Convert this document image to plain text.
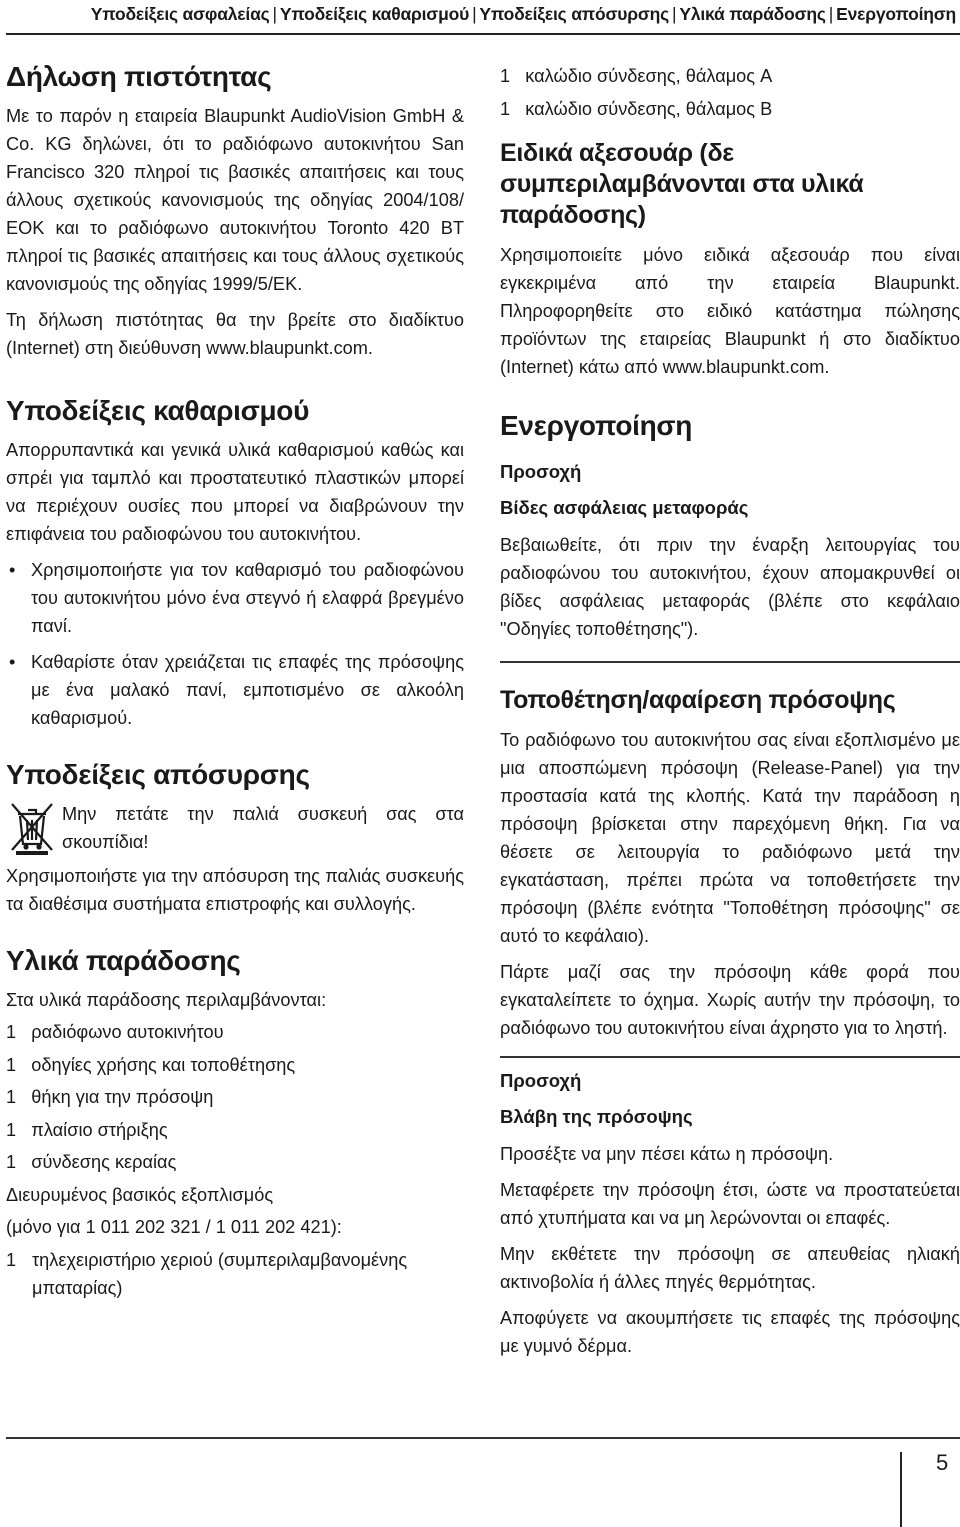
Υποδείξεις ασφαλείας | Υποδείξεις καθαρισμού | Υποδείξεις απόσυρσης | Υλικά παράδοσης | Ενεργοποίηση
Δήλωση πιστότητας

Με το παρόν η εταιρεία Blaupunkt AudioVision GmbH & Co. KG δηλώνει, ότι το ραδιόφωνο αυτοκινήτου San Francisco 320 πληροί τις βασικές απαιτήσεις και τους άλλους σχετικούς κανονισμούς της οδηγίας 2004/108/ΕΟΚ και το ραδιόφωνο αυτοκινήτου Toronto 420 BT πληροί τις βασικές απαιτήσεις και τους άλλους σχετικούς κανονισμούς της οδηγίας 1999/5/ΕΚ.

Τη δήλωση πιστότητας θα την βρείτε στο διαδίκτυο (Internet) στη διεύθυνση www.blaupunkt.com.

Υποδείξεις καθαρισμού

Απορρυπαντικά και γενικά υλικά καθαρισμού καθώς και σπρέι για ταμπλό και προστατευτικό πλαστικών μπορεί να περιέχουν ουσίες που μπορεί να διαβρώνουν την επιφάνεια του ραδιοφώνου του αυτοκινήτου.

• Χρησιμοποιήστε για τον καθαρισμό του ραδιοφώνου του αυτοκινήτου μόνο ένα στεγνό ή ελαφρά βρεγμένο πανί.
• Καθαρίστε όταν χρειάζεται τις επαφές της πρόσοψης με ένα μαλακό πανί, εμποτισμένο σε αλκοόλη καθαρισμού.
Υποδείξεις απόσυρσης

Μην πετάτε την παλιά συσκευή σας στα σκουπίδια!

Χρησιμοποιήστε για την απόσυρση της παλιάς συσκευής τα διαθέσιμα συστήματα επιστροφής και συλλογής.

Υλικά παράδοσης

Στα υλικά παράδοσης περιλαμβάνονται:

1 ραδιόφωνο αυτοκινήτου
1 οδηγίες χρήσης και τοποθέτησης
1 θήκη για την πρόσοψη
1 πλαίσιο στήριξης
1 σύνδεσης κεραίας
Διευρυμένος βασικός εξοπλισμός
(μόνο για 1 011 202 321 / 1 011 202 421):
1 τηλεχειριστήριο χεριού (συμπεριλαμβανομένης μπαταρίας)
1 καλώδιο σύνδεσης, θάλαμος A
1 καλώδιο σύνδεσης, θάλαμος B
Ειδικά αξεσουάρ (δε συμπεριλαμβάνονται στα υλικά παράδοσης)

Χρησιμοποιείτε μόνο ειδικά αξεσουάρ που είναι εγκεκριμένα από την εταιρεία Blaupunkt. Πληροφορηθείτε στο ειδικό κατάστημα πώλησης προϊόντων της εταιρείας Blaupunkt ή στο διαδίκτυο (Internet) κάτω από www.blaupunkt.com.

Ενεργοποίηση
Προσοχή
Βίδες ασφάλειας μεταφοράς

Βεβαιωθείτε, ότι πριν την έναρξη λειτουργίας του ραδιοφώνου του αυτοκινήτου, έχουν απομακρυνθεί οι βίδες ασφάλειας μεταφοράς (βλέπε στο κεφάλαιο "Οδηγίες τοποθέτησης").

Τοποθέτηση/αφαίρεση πρόσοψης

Το ραδιόφωνο του αυτοκινήτου σας είναι εξοπλισμένο με μια αποσπώμενη πρόσοψη (Release-Panel) για την προστασία κατά της κλοπής. Κατά την παράδοση η πρόσοψη βρίσκεται στην παρεχόμενη θήκη. Για να θέσετε σε λειτουργία το ραδιόφωνο μετά την εγκατάσταση, πρέπει πρώτα να τοποθετήσετε την πρόσοψη (βλέπε ενότητα "Τοποθέτηση πρόσοψης" σε αυτό το κεφάλαιο).

Πάρτε μαζί σας την πρόσοψη κάθε φορά που εγκαταλείπετε το όχημα. Χωρίς αυτήν την πρόσοψη, το ραδιόφωνο του αυτοκινήτου είναι άχρηστο για το ληστή.

Προσοχή
Βλάβη της πρόσοψης

Προσέξτε να μην πέσει κάτω η πρόσοψη.

Μεταφέρετε την πρόσοψη έτσι, ώστε να προστατεύεται από χτυπήματα και να μη λερώνονται οι επαφές.

Μην εκθέτετε την πρόσοψη σε απευθείας ηλιακή ακτινοβολία ή άλλες πηγές θερμότητας.

Αποφύγετε να ακουμπήσετε τις επαφές της πρόσοψης με γυμνό δέρμα.

5
